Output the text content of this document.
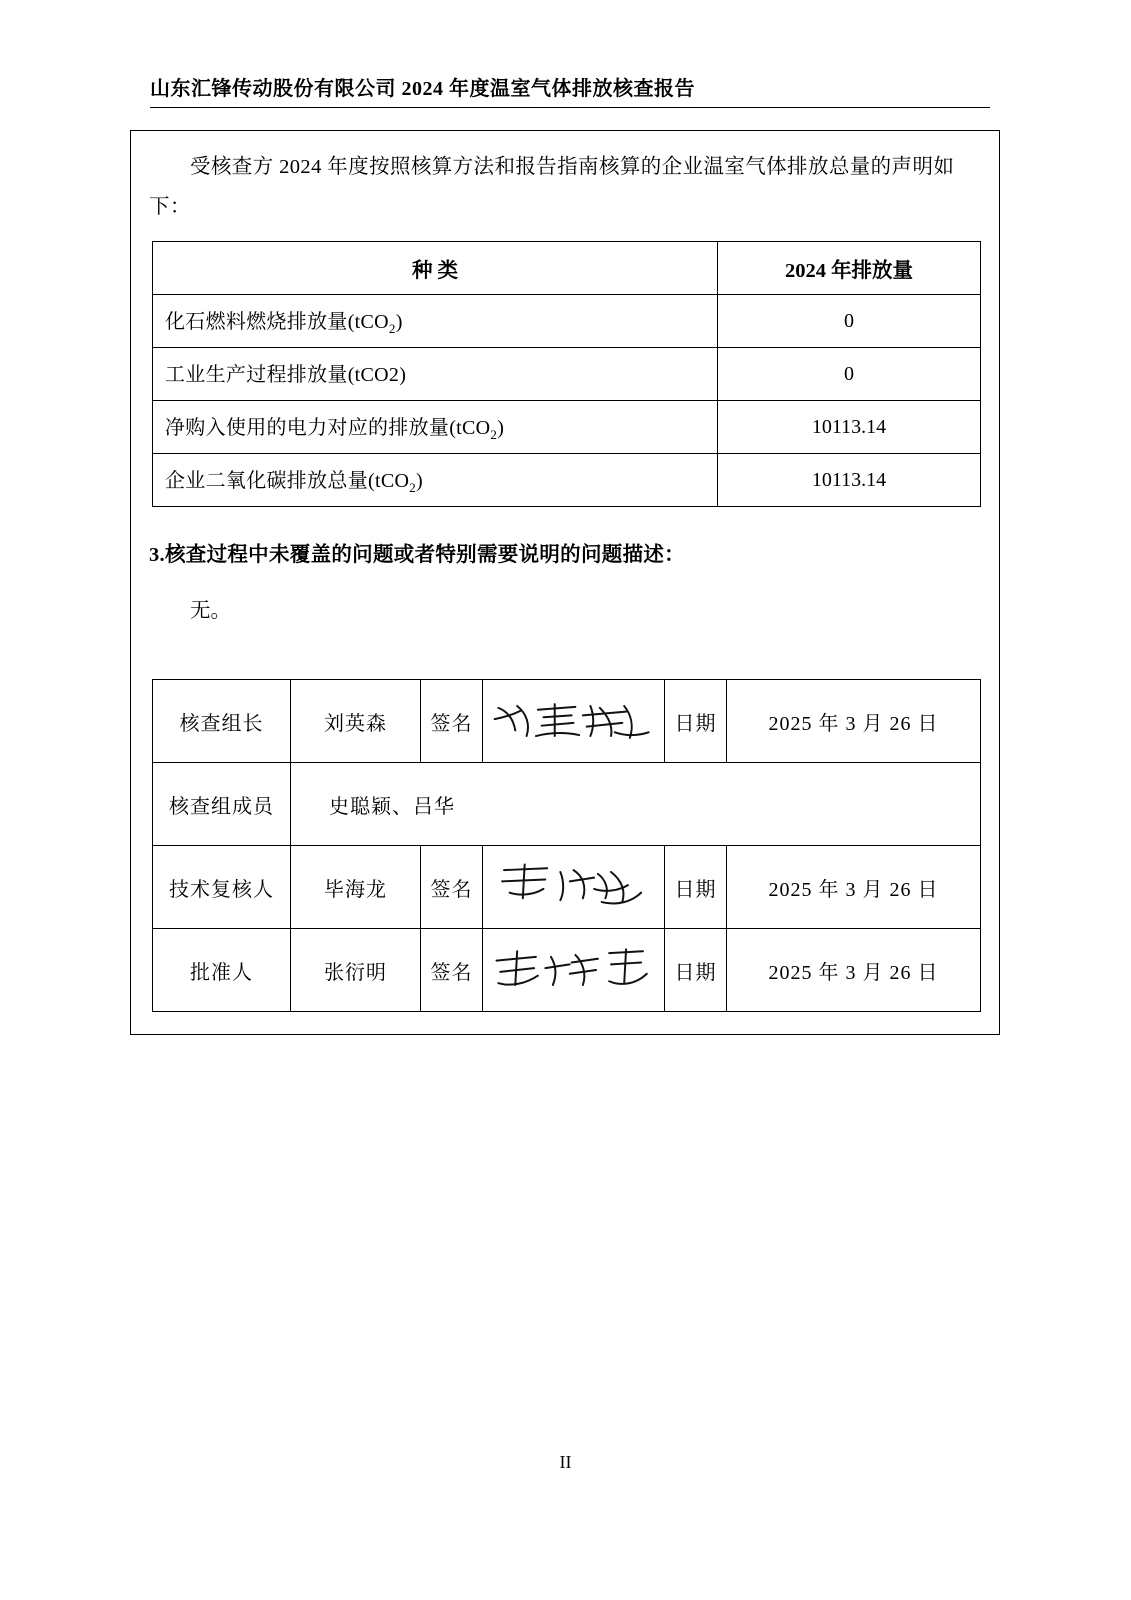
山东汇锋传动股份有限公司 2024 年度温室气体排放核查报告
受核查方 2024 年度按照核算方法和报告指南核算的企业温室气体排放总量的声明如下：
种 类	2024 年排放量
化石燃料燃烧排放量(tCO$_2$)	0
工业生产过程排放量(tCO2)	0
净购入使用的电力对应的排放量(tCO$_2$)	10113.14
企业二氧化碳排放总量(tCO$_2$)	10113.14
3.核查过程中未覆盖的问题或者特别需要说明的问题描述：
无。
核查组长	刘英森	签名		日期	2025 年 3 月 26 日
核查组成员	史聪颖、吕华				
技术复核人	毕海龙	签名		日期	2025 年 3 月 26 日
批准人	张衍明	签名		日期	2025 年 3 月 26 日
II
